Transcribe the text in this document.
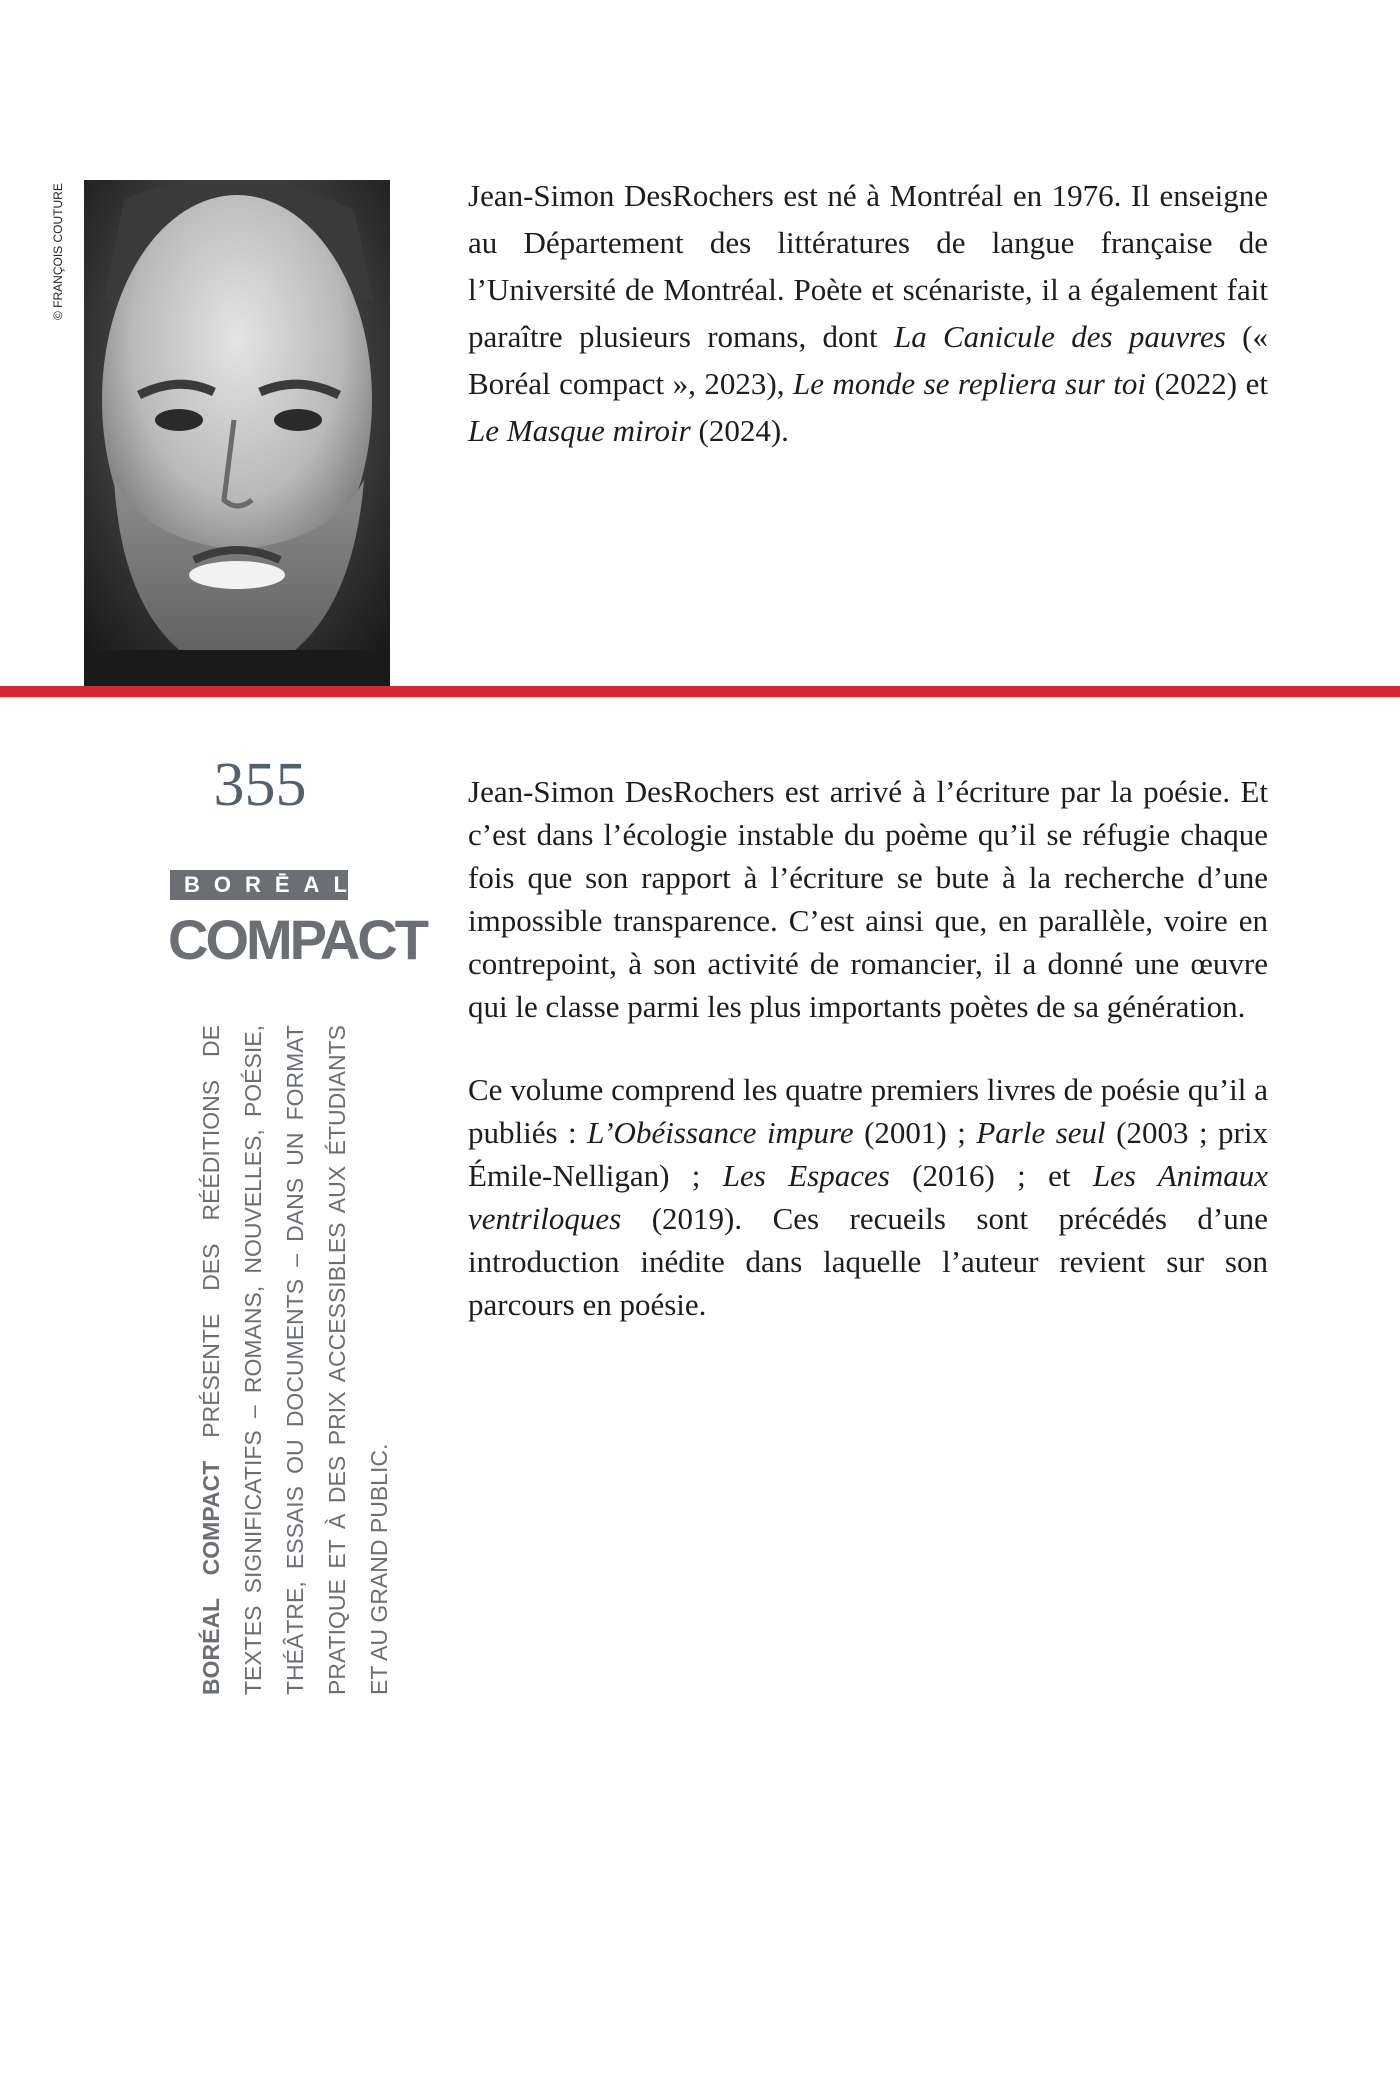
© FRANÇOIS COUTURE	Jean-Simon DesRochers est né à Montréal en 1976. Il enseigne au Département des littératures de langue française de l’Université de Montréal. Poète et scénariste, il a également fait paraître plusieurs romans, dont La Canicule des pauvres (« Boréal compact », 2023), Le monde se repliera sur toi (2022) et Le Masque miroir (2024).

355
BORĒAL
COMPACT

BORÉAL COMPACT PRÉSENTE DES RÉÉDITIONS DE TEXTES SIGNIFICATIFS – ROMANS, NOUVELLES, POÉSIE, THÉÂTRE, ESSAIS OU DOCUMENTS – DANS UN FORMAT PRATIQUE ET À DES PRIX ACCESSIBLES AUX ÉTUDIANTS ET AU GRAND PUBLIC.

Jean-Simon DesRochers est arrivé à l’écriture par la poésie. Et c’est dans l’écologie instable du poème qu’il se réfugie chaque fois que son rapport à l’écriture se bute à la recherche d’une impossible transparence. C’est ainsi que, en parallèle, voire en contrepoint, à son activité de romancier, il a donné une œuvre qui le classe parmi les plus importants poètes de sa génération.

Ce volume comprend les quatre premiers livres de poésie qu’il a publiés : L’Obéissance impure (2001) ; Parle seul (2003 ; prix Émile-Nelligan) ; Les Espaces (2016) ; et Les Animaux ventriloques (2019). Ces recueils sont précédés d’une introduction inédite dans laquelle l’auteur revient sur son parcours en poésie.
